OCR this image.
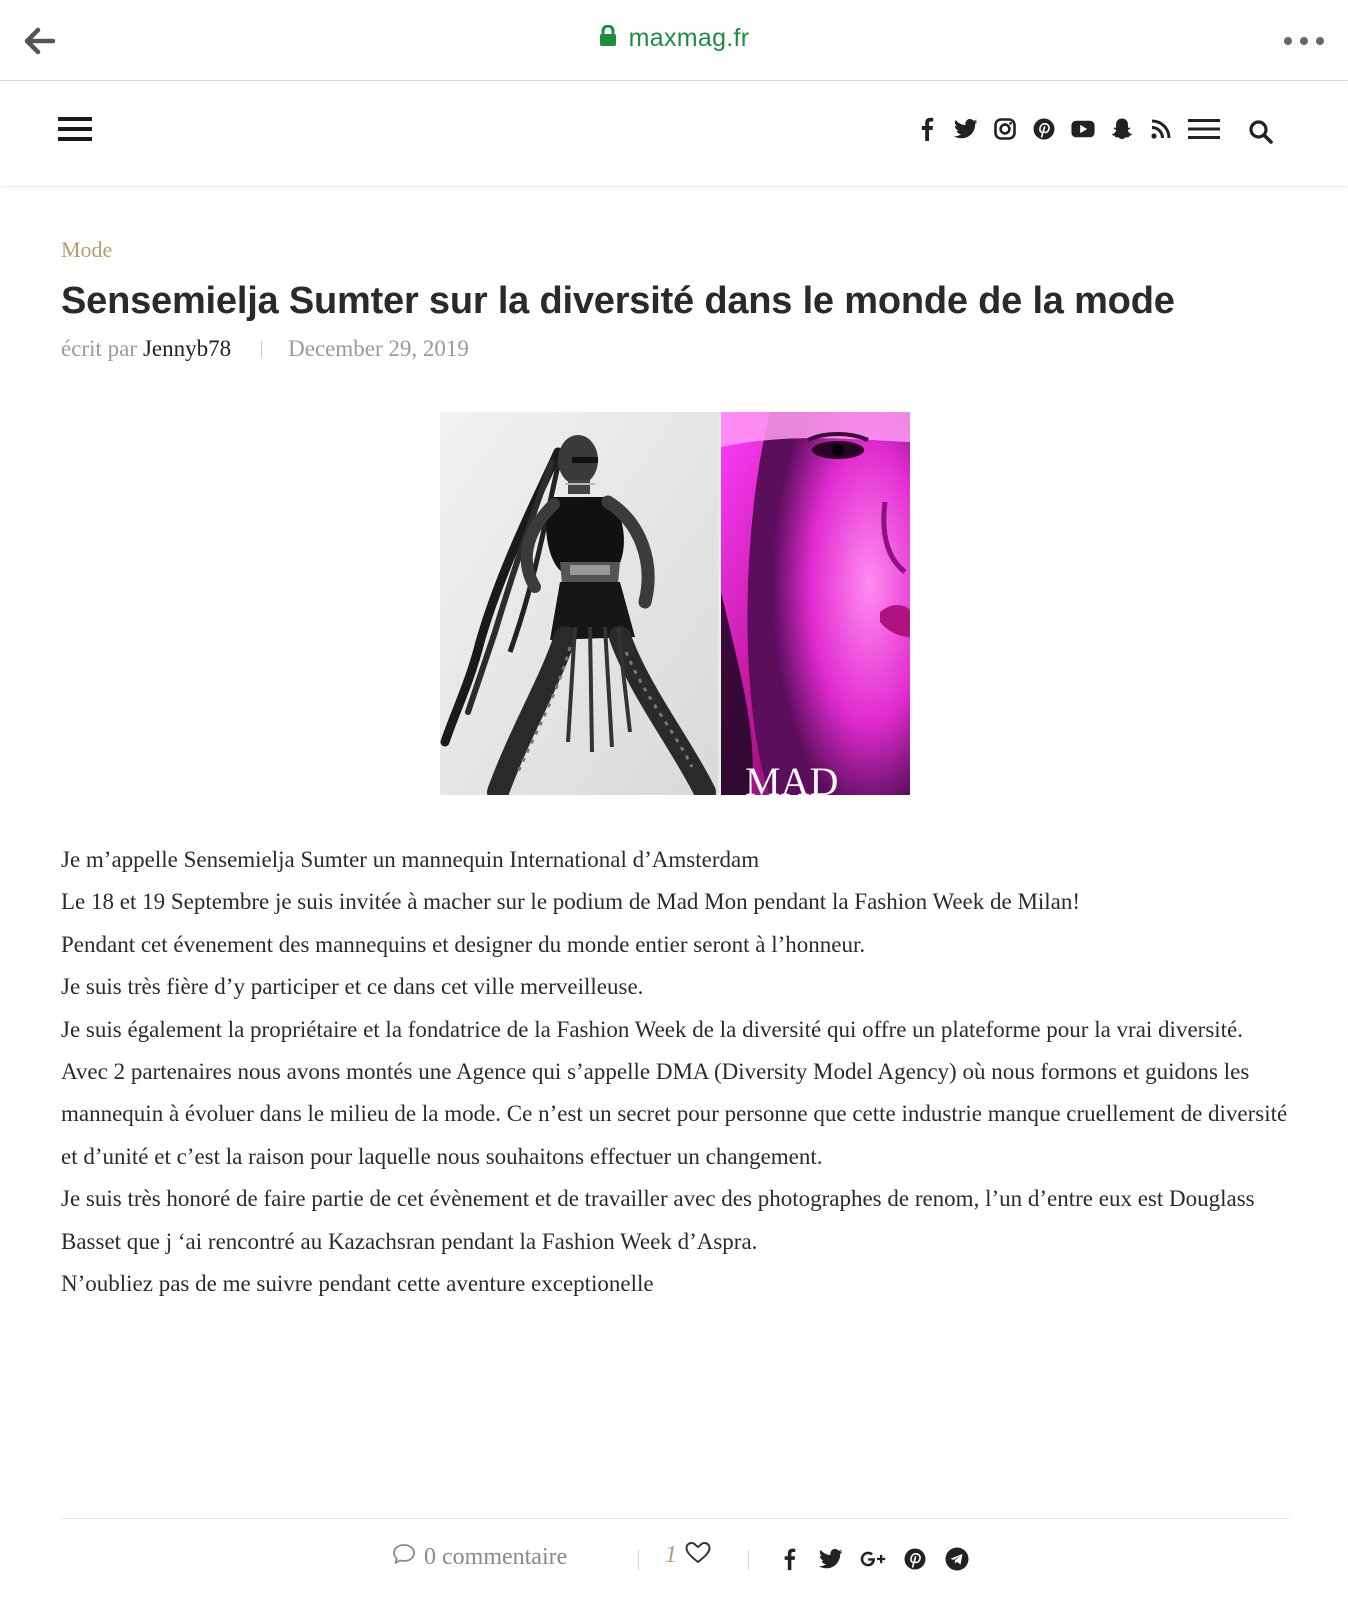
maxmag.fr
Mode
Sensemielja Sumter sur la diversité dans le monde de la mode
écrit par Jennyb78 December 29, 2019
MAD

Je m’appelle Sensemielja Sumter un mannequin International d’Amsterdam

Le 18 et 19 Septembre je suis invitée à macher sur le podium de Mad Mon pendant la Fashion Week de Milan!

Pendant cet évenement des mannequins et designer du monde entier seront à l’honneur.

Je suis très fière d’y participer et ce dans cet ville merveilleuse.

Je suis également la propriétaire et la fondatrice de la Fashion Week de la diversité qui offre un plateforme pour la vrai diversité.

Avec 2 partenaires nous avons montés une Agence qui s’appelle DMA (Diversity Model Agency) où nous formons et guidons les mannequin à évoluer dans le milieu de la mode. Ce n’est un secret pour personne que cette industrie manque cruellement de diversité et d’unité et c’est la raison pour laquelle nous souhaitons effectuer un changement.

Je suis très honoré de faire partie de cet évènement et de travailler avec des photographes de renom, l’un d’entre eux est Douglass Basset que j ‘ai rencontré au Kazachsran pendant la Fashion Week d’Aspra.

N’oubliez pas de me suivre pendant cette aventure exceptionelle

0 commentaire	1
